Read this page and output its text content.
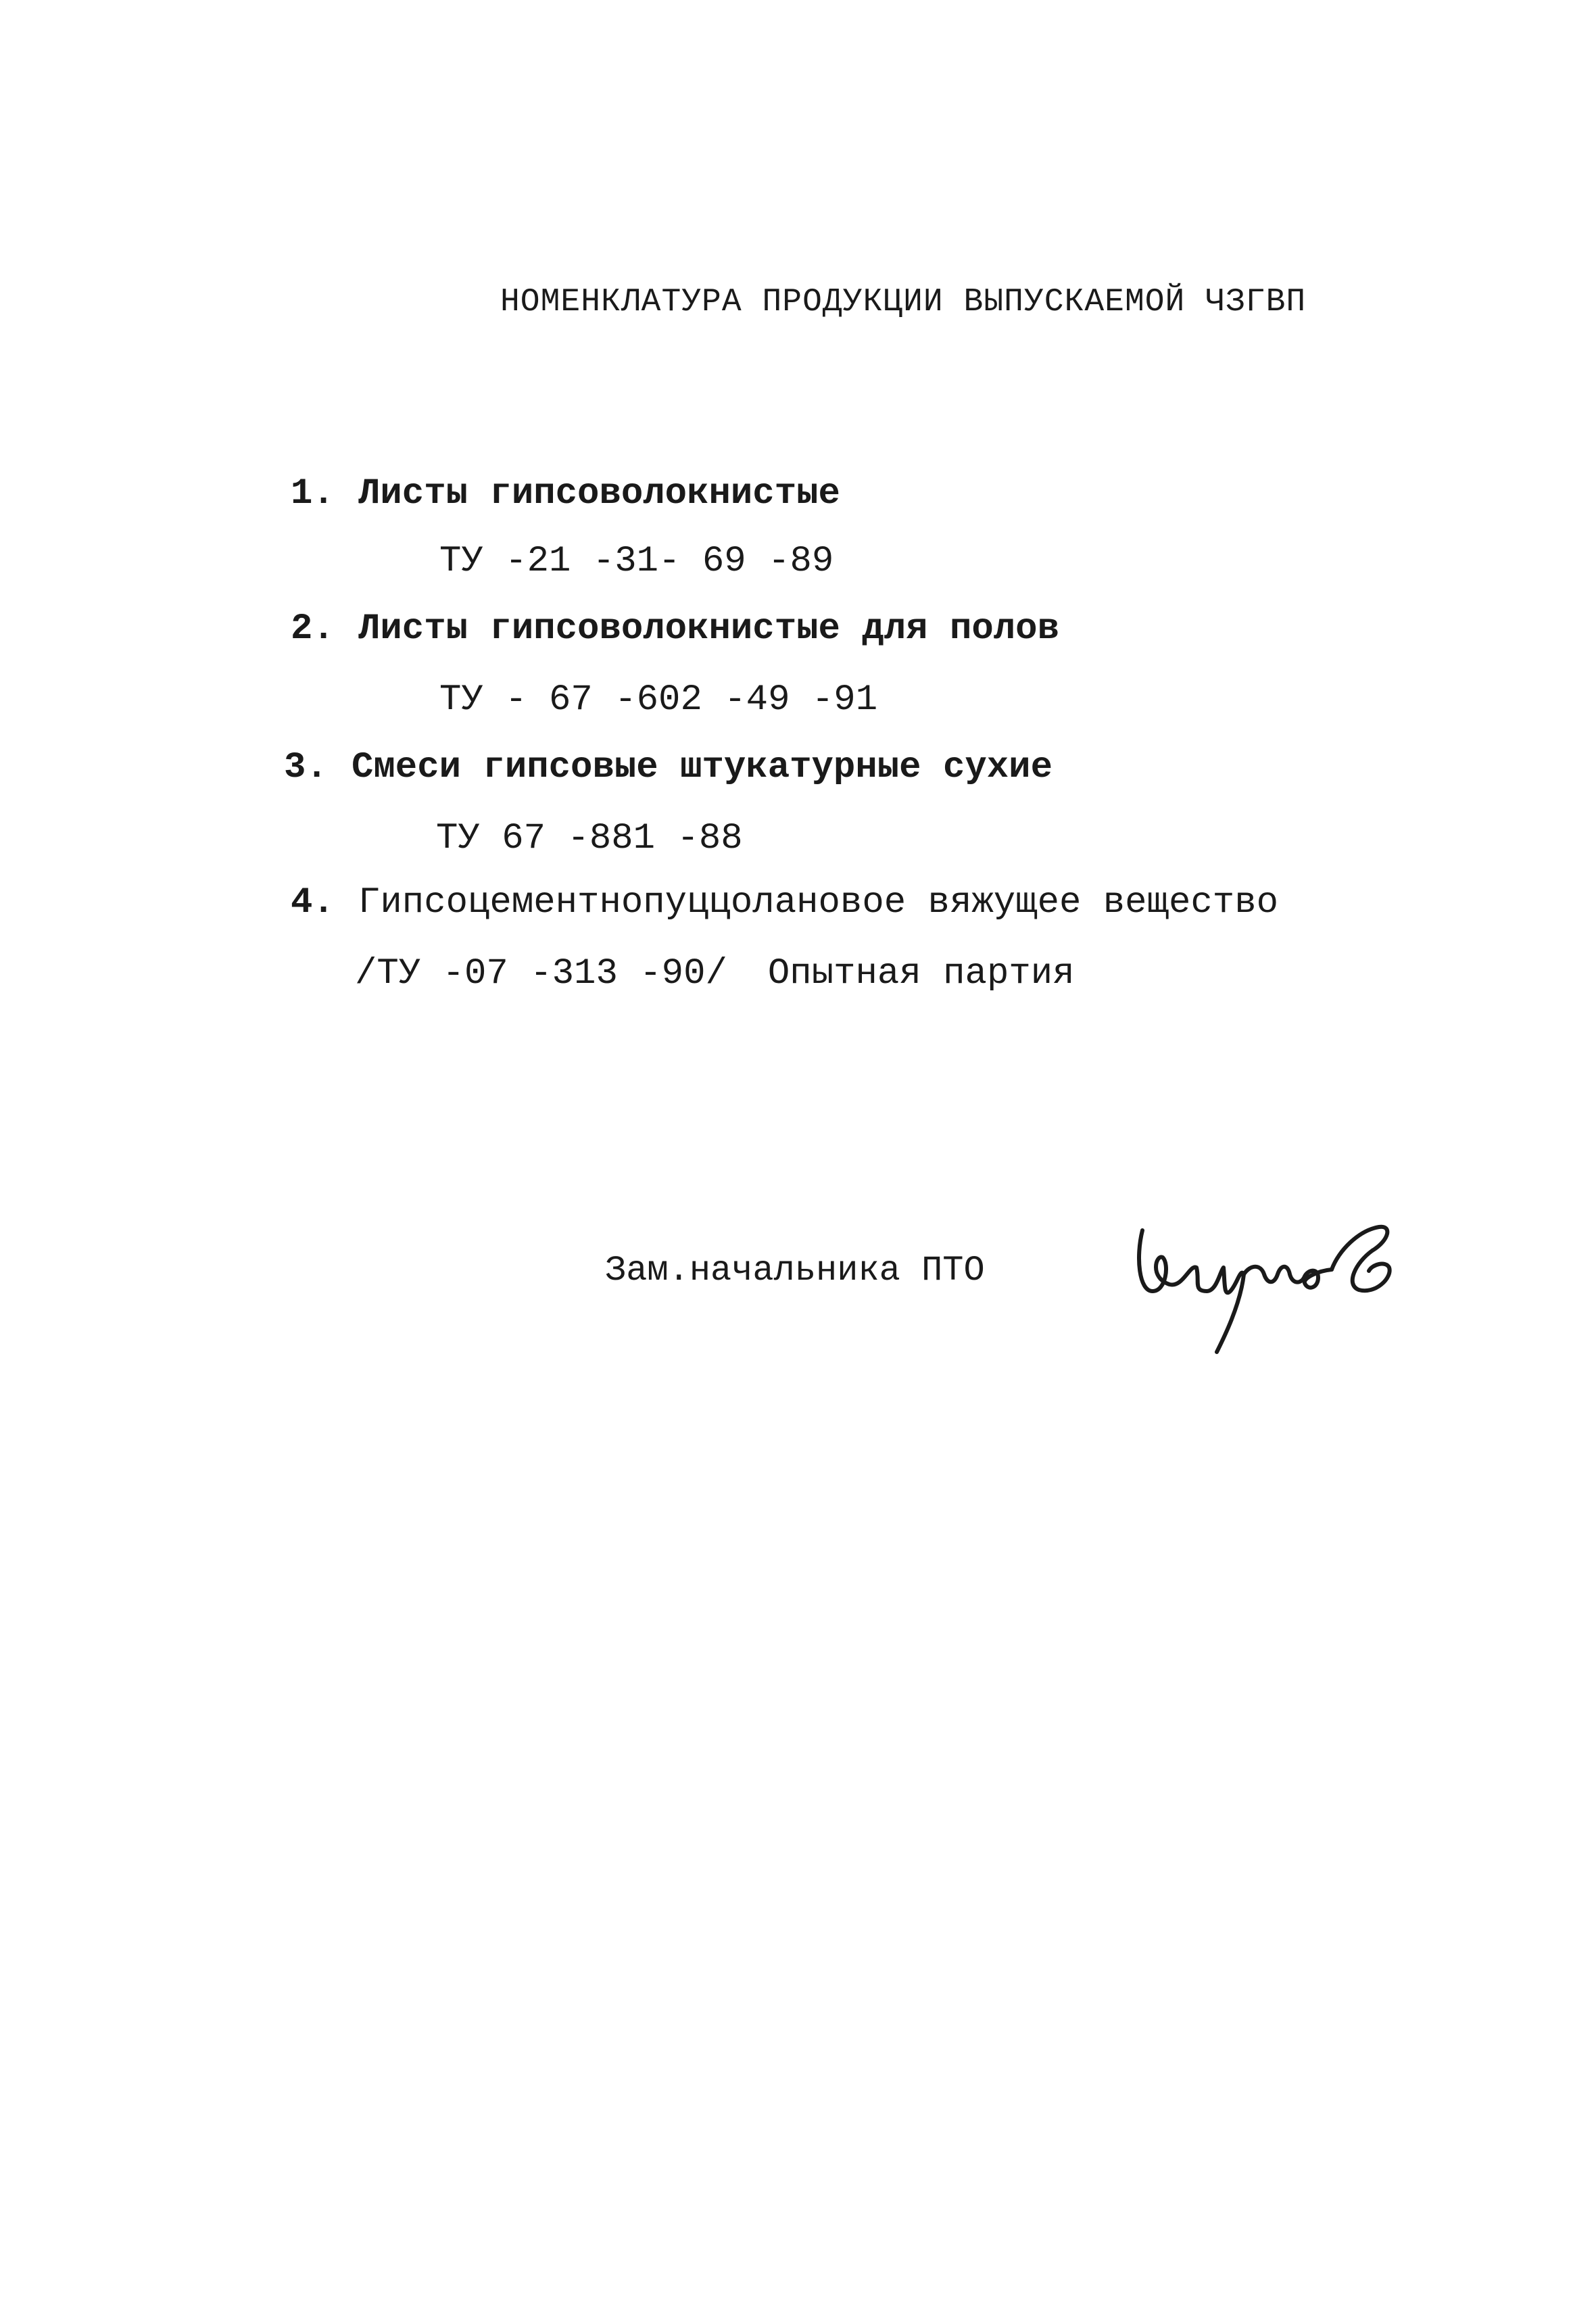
НОМЕНКЛАТУРА ПРОДУКЦИИ ВЫПУСКАЕМОЙ ЧЗГВП
1. Листы гипсоволокнистые
ТУ -21 -31- 69 -89
2. Листы гипсоволокнистые для полов
ТУ - 67 -602 -49 -91
3. Смеси гипсовые штукатурные сухие
ТУ 67 -881 -88
4. Гипсоцементнопуццолановое вяжущее вещество
/ТУ -07 -313 -90/ Опытная партия
Зам.начальника ПТО
